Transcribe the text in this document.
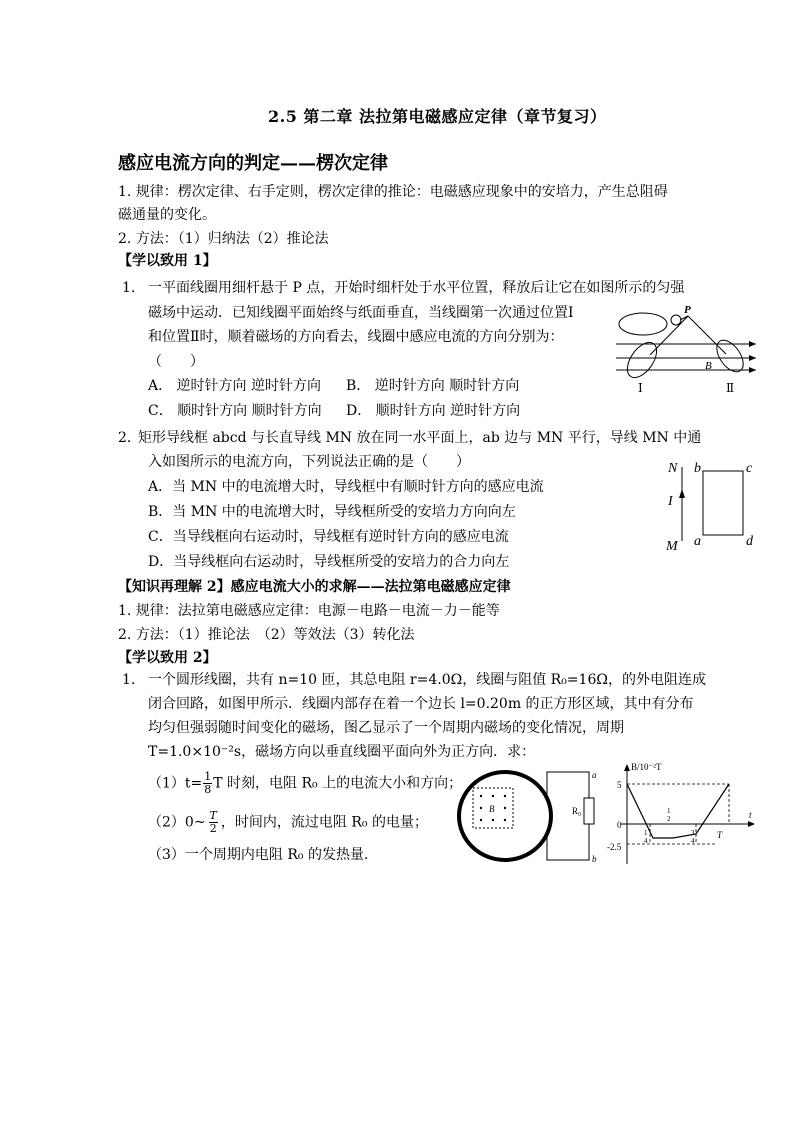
2.5 第二章 法拉第电磁感应定律（章节复习）
感应电流方向的判定——楞次定律
1. 规律：楞次定律、右手定则，楞次定律的推论：电磁感应现象中的安培力，产生总阻碍
磁通量的变化。
2. 方法：（1）归纳法（2）推论法
【学以致用 1】
1. 一平面线圈用细杆悬于 P 点，开始时细杆处于水平位置，释放后让它在如图所示的匀强
磁场中运动．已知线圈平面始终与纸面垂直，当线圈第一次通过位置Ⅰ
和位置Ⅱ时，顺着磁场的方向看去，线圈中感应电流的方向分别为：
（　　）
A． 逆时针方向 逆时针方向 B． 逆时针方向 顺时针方向
C． 顺时针方向 顺时针方向 D． 顺时针方向 逆时针方向
P
B
Ⅰ	Ⅱ
2．
矩形导线框 abcd 与长直导线 MN 放在同一水平面上，ab 边与 MN 平行，导线 MN 中通
入如图所示的电流方向，下列说法正确的是（　　）
A．当 MN 中的电流增大时，导线框中有顺时针方向的感应电流
B．当 MN 中的电流增大时，导线框所受的安培力方向向左
C．当导线框向右运动时，导线框有逆时针方向的感应电流
D．当导线框向右运动时，导线框所受的安培力的合力向左
N
M
I
b	c
a	d
【知识再理解 2】感应电流大小的求解——法拉第电磁感应定律
1. 规律：法拉第电磁感应定律：电源－电路－电流－力－能等
2. 方法：（1）推论法　（2）等效法（3）转化法
【学以致用 2】
1． 一个圆形线圈，共有 n=10 匝，其总电阻 r=4.0Ω，线圈与阻值 R₀=16Ω，的外电阻连成
闭合回路，如图甲所示．线圈内部存在着一个边长 l=0.20m 的正方形区域，其中有分布
均匀但强弱随时间变化的磁场，图乙显示了一个周期内磁场的变化情况，周期
T=1.0×10⁻²s，磁场方向以垂直线圈平面向外为正方向．求：
$(1)t= \frac{1}{8}$ T 时刻，电阻 R₀ 上的电流大小和方向；
（2）0~ $\frac{T}{2}$ ，时间内，流过电阻 R₀ 的电量；
（3）一个周期内电阻 R₀ 的发热量．
B	R₀
a
b
B/10⁻²T
t
5
0
-2.5
T
1
4
1
2
3
4
